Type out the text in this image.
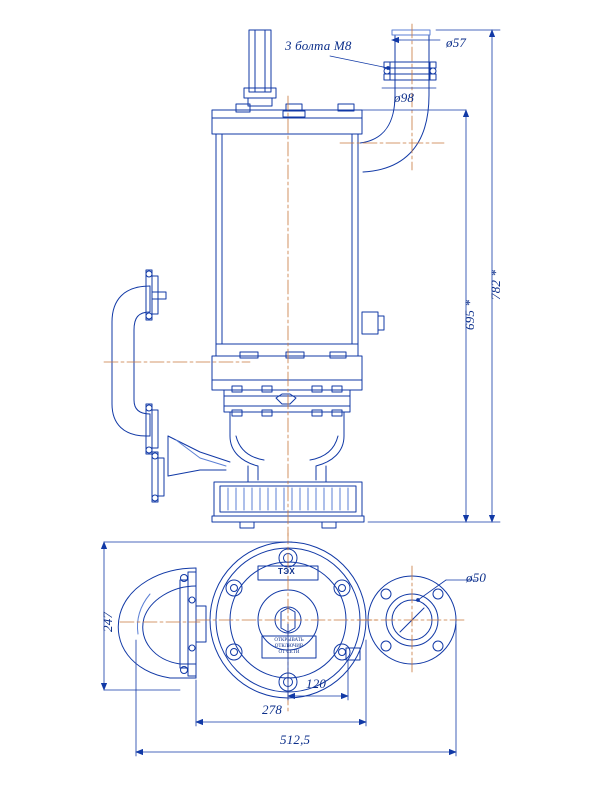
3 болта М8	ø57
ø98
695 *
782 *
247
120
278
512,5
ø50
ТЭХ
ОТКРЫВАТЬ
ОТКЛЮЧИВ
ОТ СЕТИ
